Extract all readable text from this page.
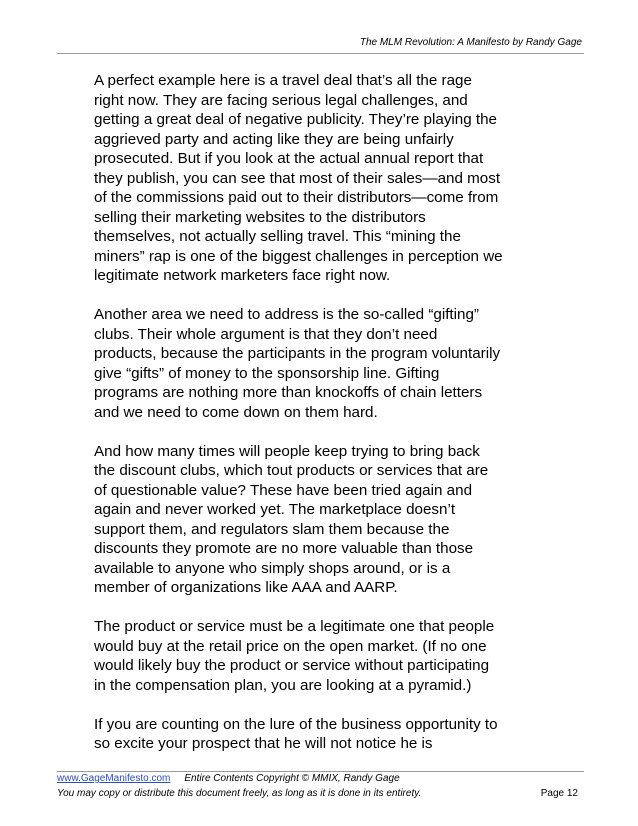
The MLM Revolution: A Manifesto by Randy Gage

A perfect example here is a travel deal that’s all the rage
right now. They are facing serious legal challenges, and
getting a great deal of negative publicity. They’re playing the
aggrieved party and acting like they are being unfairly
prosecuted. But if you look at the actual annual report that
they publish, you can see that most of their sales—and most
of the commissions paid out to their distributors—come from
selling their marketing websites to the distributors
themselves, not actually selling travel. This “mining the
miners” rap is one of the biggest challenges in perception we
legitimate network marketers face right now.

Another area we need to address is the so-called “gifting”
clubs. Their whole argument is that they don’t need
products, because the participants in the program voluntarily
give “gifts” of money to the sponsorship line. Gifting
programs are nothing more than knockoffs of chain letters
and we need to come down on them hard.

And how many times will people keep trying to bring back
the discount clubs, which tout products or services that are
of questionable value? These have been tried again and
again and never worked yet. The marketplace doesn’t
support them, and regulators slam them because the
discounts they promote are no more valuable than those
available to anyone who simply shops around, or is a
member of organizations like AAA and AARP.

The product or service must be a legitimate one that people
would buy at the retail price on the open market. (If no one
would likely buy the product or service without participating
in the compensation plan, you are looking at a pyramid.)

If you are counting on the lure of the business opportunity to
so excite your prospect that he will not notice he is

www.GageManifesto.com Entire Contents Copyright © MMIX, Randy Gage
You may copy or distribute this document freely, as long as it is done in its entirety.	Page 12
